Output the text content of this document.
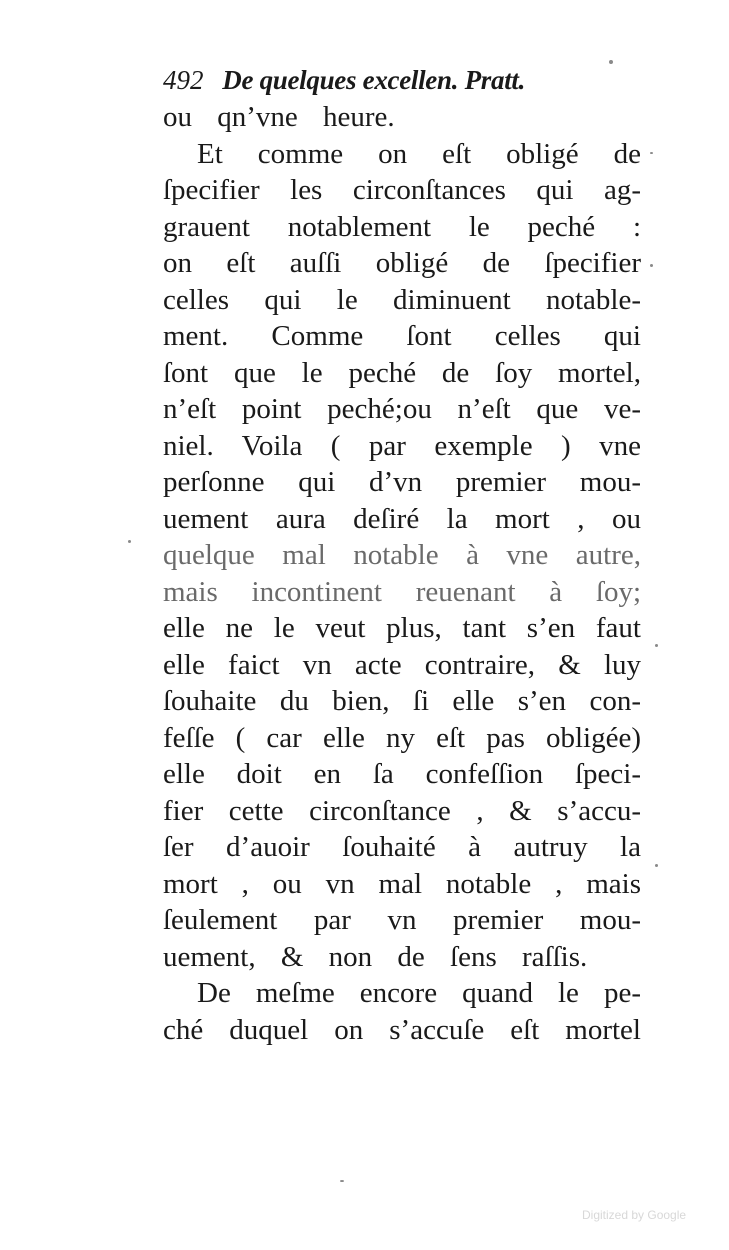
492 De quelques excellen. Pratt.
ou qn’vne heure.
Et comme on eſt obligé de
ſpecifier les circonſtances qui ag-
grauent notablement le peché :
on eſt auſſi obligé de ſpecifier
celles qui le diminuent notable-
ment. Comme ſont celles qui
ſont que le peché de ſoy mortel,
n’eſt point peché;ou n’eſt que ve-
niel. Voila ( par exemple ) vne
perſonne qui d’vn premier mou-
uement aura deſiré la mort , ou
quelque mal notable à vne autre,
mais incontinent reuenant à ſoy;
elle ne le veut plus, tant s’en faut
elle faict vn acte contraire, & luy
ſouhaite du bien, ſi elle s’en con-
feſſe ( car elle ny eſt pas obligée)
elle doit en ſa confeſſion ſpeci-
fier cette circonſtance , & s’accu-
ſer d’auoir ſouhaité à autruy la
mort , ou vn mal notable , mais
ſeulement par vn premier mou-
uement, & non de ſens raſſis.
De meſme encore quand le pe-
ché duquel on s’accuſe eſt mortel
Digitized by Google
